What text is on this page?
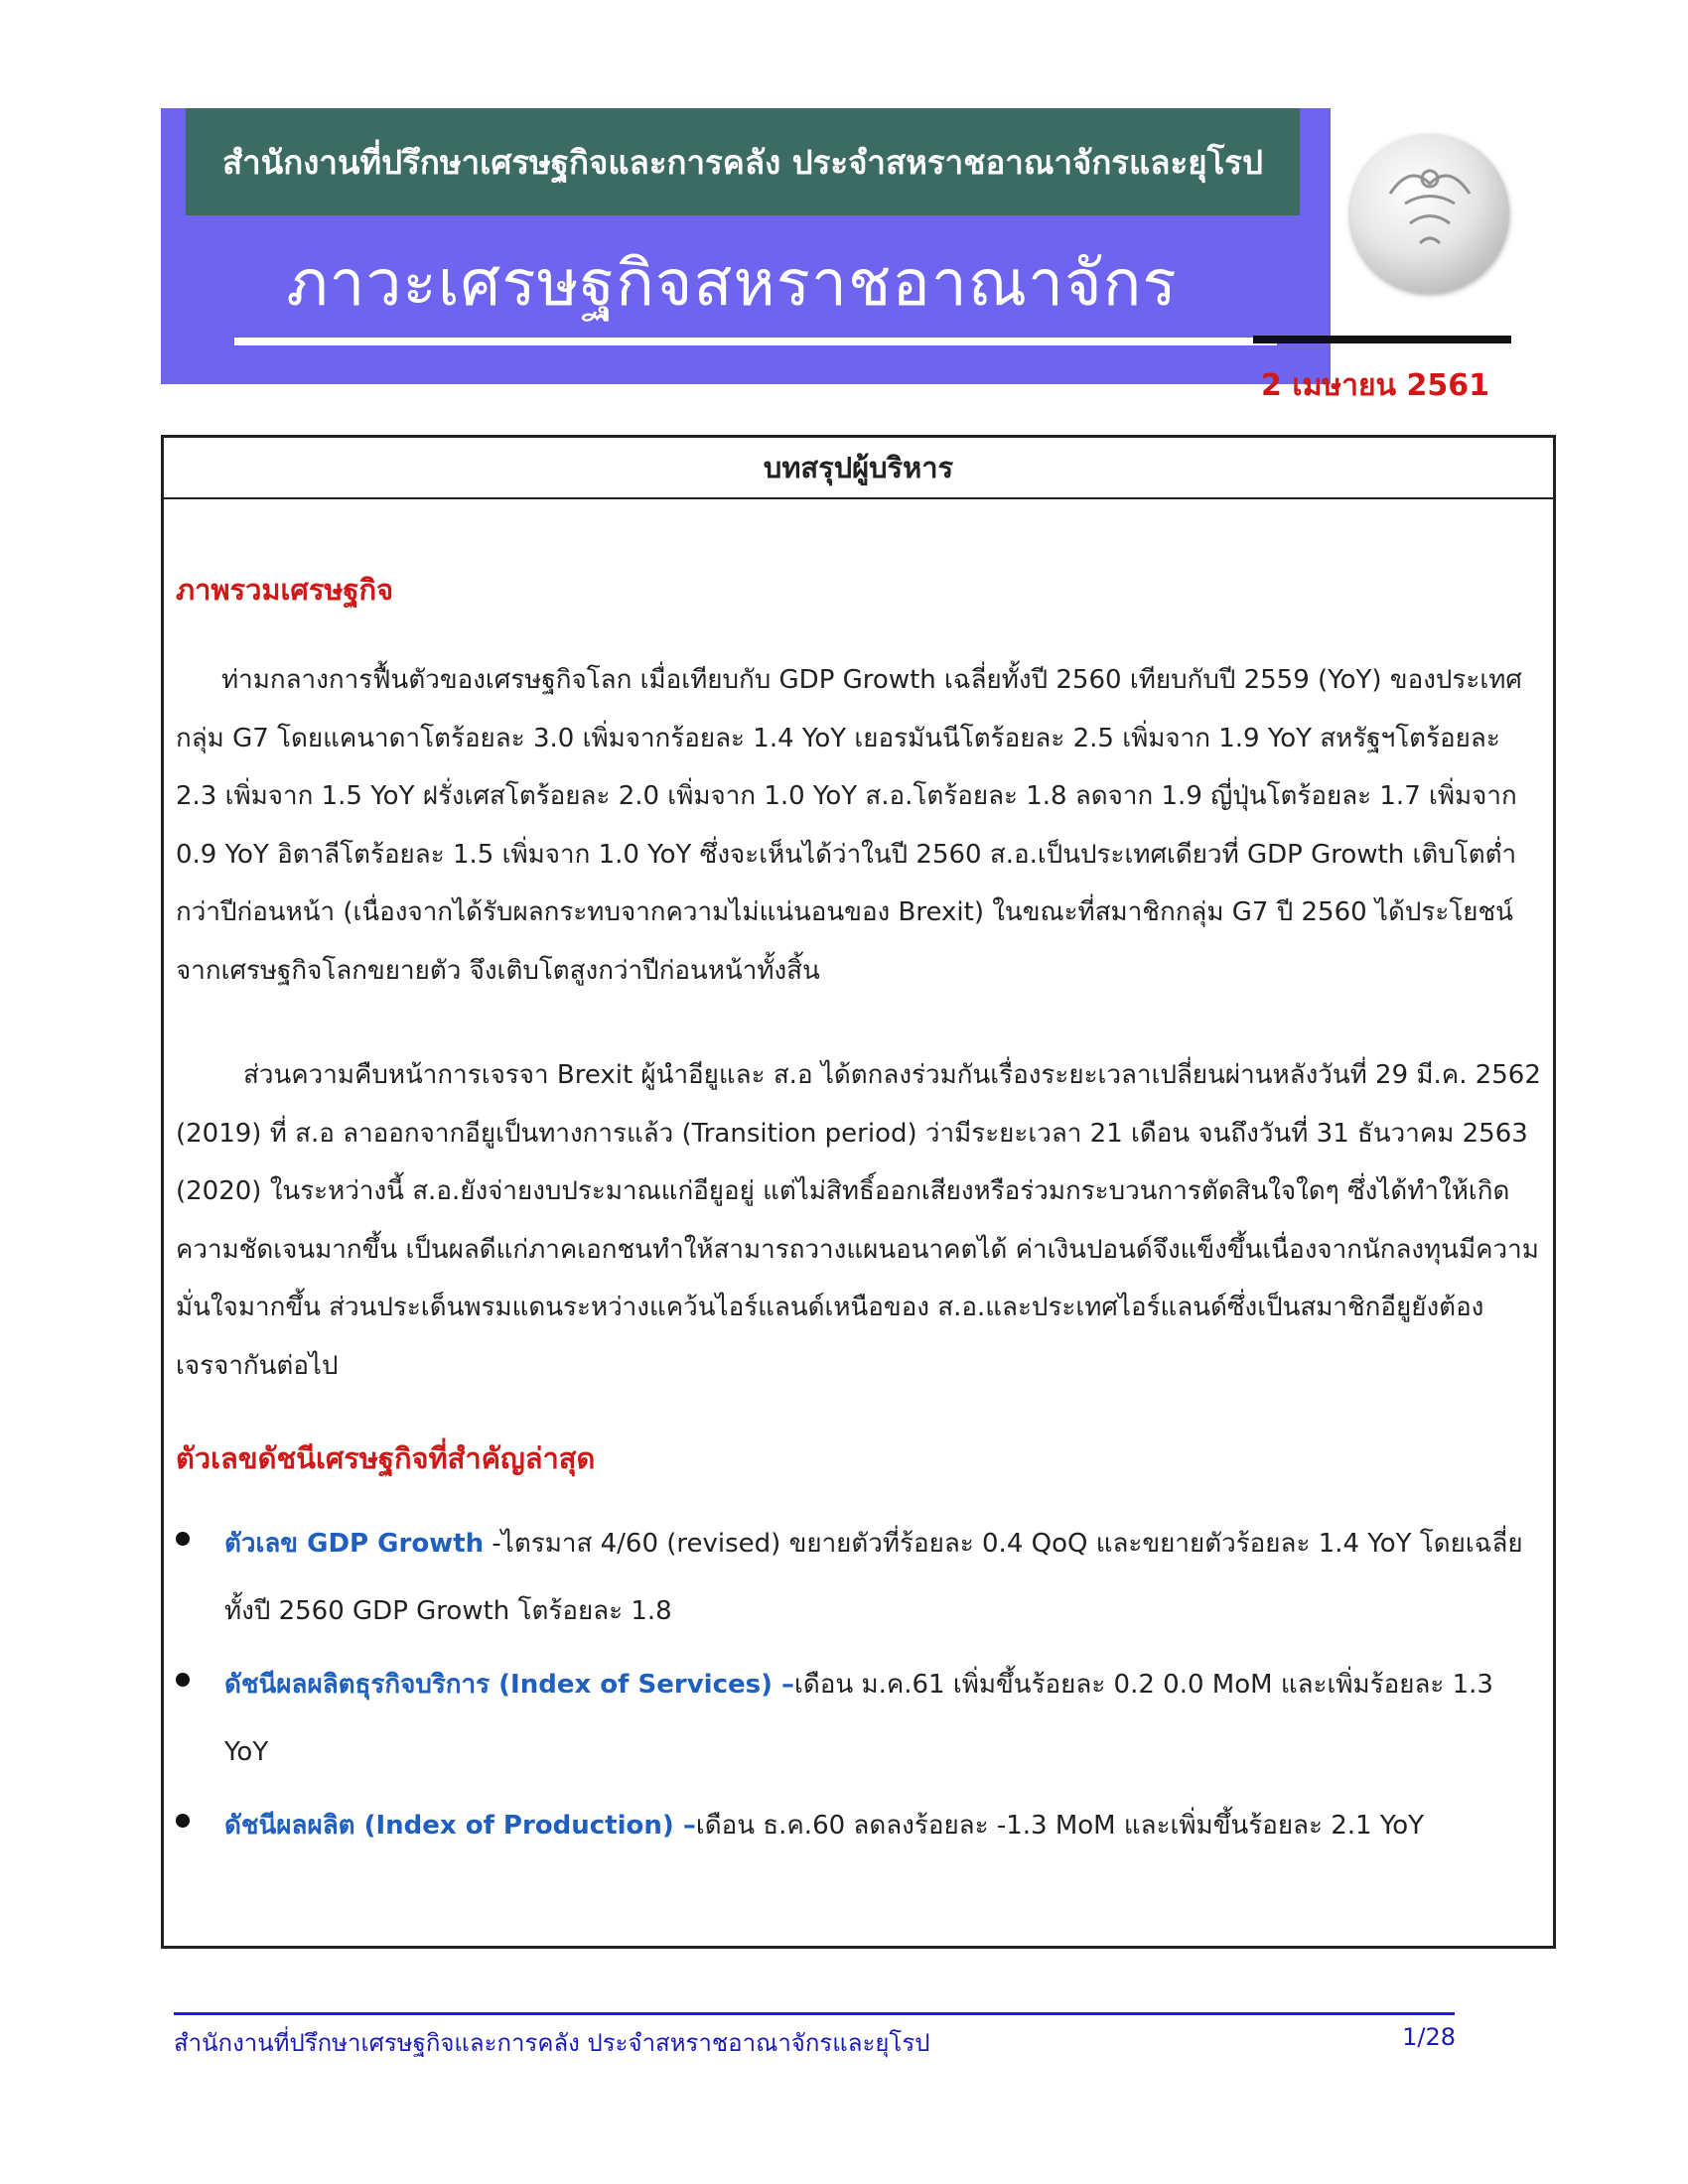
สำนักงานที่ปรึกษาเศรษฐกิจและการคลัง ประจำสหราชอาณาจักรและยุโรป
ภาวะเศรษฐกิจสหราชอาณาจักร
2 เมษายน 2561
บทสรุปผู้บริหาร
ภาพรวมเศรษฐกิจ
ท่ามกลางการฟื้นตัวของเศรษฐกิจโลก เมื่อเทียบกับ GDP Growth เฉลี่ยทั้งปี 2560 เทียบกับปี 2559 (YoY) ของประเทศกลุ่ม G7 โดยแคนาดาโตร้อยละ 3.0 เพิ่มจากร้อยละ 1.4 YoY เยอรมันนีโตร้อยละ 2.5 เพิ่มจาก 1.9 YoY สหรัฐฯโตร้อยละ 2.3 เพิ่มจาก 1.5 YoY ฝรั่งเศสโตร้อยละ 2.0 เพิ่มจาก 1.0 YoY ส.อ.โตร้อยละ 1.8 ลดจาก 1.9 ญี่ปุ่นโตร้อยละ 1.7 เพิ่มจาก 0.9 YoY อิตาลีโตร้อยละ 1.5 เพิ่มจาก 1.0 YoY ซึ่งจะเห็นได้ว่าในปี 2560 ส.อ.เป็นประเทศเดียวที่ GDP Growth เติบโตต่ำกว่าปีก่อนหน้า (เนื่องจากได้รับผลกระทบจากความไม่แน่นอนของ Brexit) ในขณะที่สมาชิกกลุ่ม G7 ปี 2560 ได้ประโยชน์จากเศรษฐกิจโลกขยายตัว จึงเติบโตสูงกว่าปีก่อนหน้าทั้งสิ้น
ส่วนความคืบหน้าการเจรจา Brexit ผู้นำอียูและ ส.อ ได้ตกลงร่วมกันเรื่องระยะเวลาเปลี่ยนผ่านหลังวันที่ 29 มี.ค. 2562 (2019) ที่ ส.อ ลาออกจากอียูเป็นทางการแล้ว (Transition period) ว่ามีระยะเวลา 21 เดือน จนถึงวันที่ 31 ธันวาคม 2563 (2020) ในระหว่างนี้ ส.อ.ยังจ่ายงบประมาณแก่อียูอยู่ แต่ไม่สิทธิ์ออกเสียงหรือร่วมกระบวนการตัดสินใจใดๆ ซึ่งได้ทำให้เกิดความชัดเจนมากขึ้น เป็นผลดีแก่ภาคเอกชนทำให้สามารถวางแผนอนาคตได้ ค่าเงินปอนด์จึงแข็งขึ้นเนื่องจากนักลงทุนมีความมั่นใจมากขึ้น ส่วนประเด็นพรมแดนระหว่างแคว้นไอร์แลนด์เหนือของ ส.อ.และประเทศไอร์แลนด์ซึ่งเป็นสมาชิกอียูยังต้องเจรจากันต่อไป
ตัวเลขดัชนีเศรษฐกิจที่สำคัญล่าสุด
ตัวเลข GDP Growth -ไตรมาส 4/60 (revised) ขยายตัวที่ร้อยละ 0.4 QoQ และขยายตัวร้อยละ 1.4 YoY โดยเฉลี่ยทั้งปี 2560 GDP Growth โตร้อยละ 1.8
ดัชนีผลผลิตธุรกิจบริการ (Index of Services) –เดือน ม.ค.61 เพิ่มขึ้นร้อยละ 0.2 0.0 MoM และเพิ่มร้อยละ 1.3 YoY
ดัชนีผลผลิต (Index of Production) –เดือน ธ.ค.60 ลดลงร้อยละ -1.3 MoM และเพิ่มขึ้นร้อยละ 2.1 YoY
สำนักงานที่ปรึกษาเศรษฐกิจและการคลัง ประจำสหราชอาณาจักรและยุโรป	1/28
